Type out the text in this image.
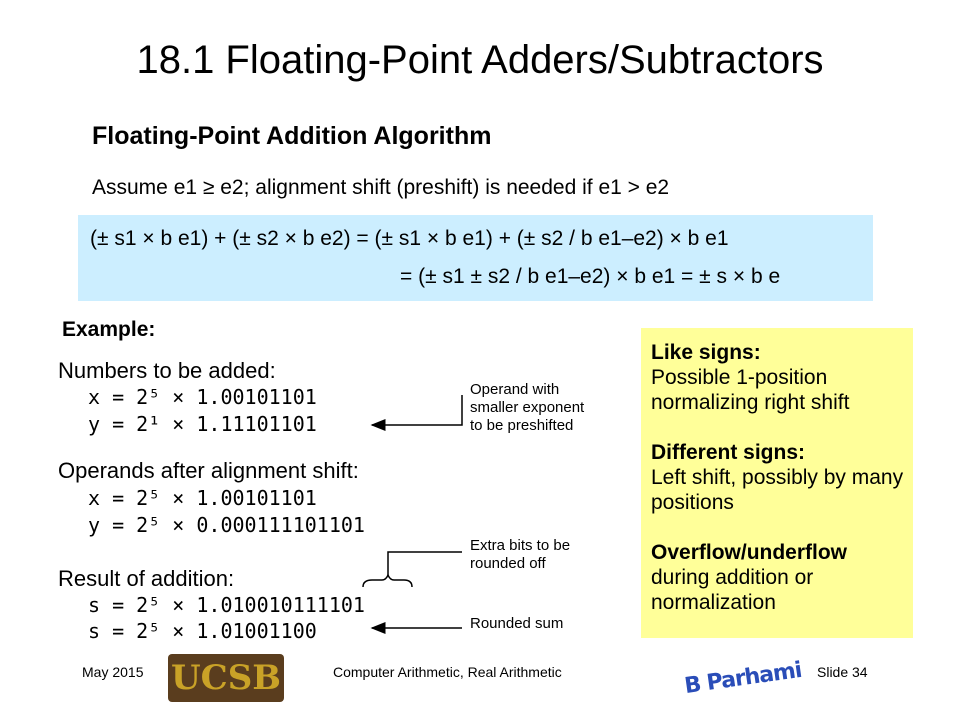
18.1 Floating-Point Adders/Subtractors
Floating-Point Addition Algorithm
Assume e1 ≥ e2; alignment shift (preshift) is needed if e1 > e2
(± s1 × b e1) + (± s2 × b e2) = (± s1 × b e1) + (± s2 / b e1–e2) × b e1
= (± s1 ± s2 / b e1–e2) × b e1 = ± s × b e
Example:
Numbers to be added:
x = 2⁵ × 1.00101101
y = 2¹ × 1.11101101
Operands after alignment shift:
x = 2⁵ × 1.00101101
y = 2⁵ × 0.000111101101
Result of addition:
s = 2⁵ × 1.010010111101
s = 2⁵ × 1.01001100
Operand with
smaller exponent
to be preshifted
Extra bits to be
rounded off
Rounded sum
Like signs:
Possible 1-position normalizing right shift
Different signs:
Left shift, possibly by many positions
Overflow/underflow
during addition or normalization
May 2015 UCSB	Computer Arithmetic, Real Arithmetic	B Parhami Slide 34
